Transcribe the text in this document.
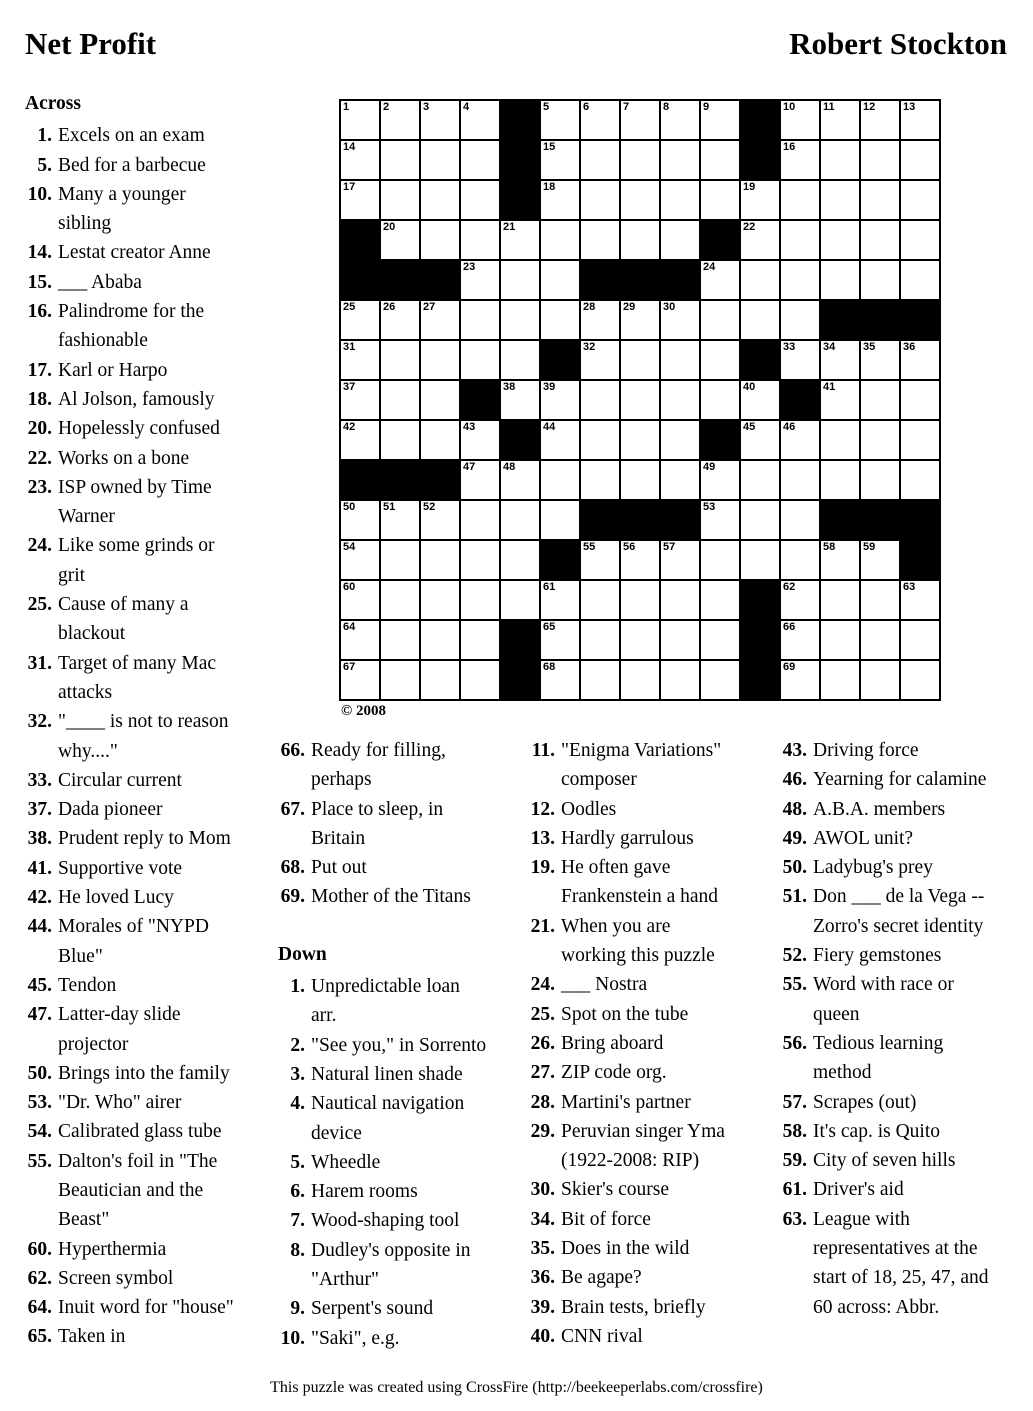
Net Profit	Robert Stockton
1	2	3	4	5	6	7	8	9	10	11	12	13
14	15	16
17	18	19
20	21	22
23	24
25	26	27	28	29	30
31	32	33	34	35	36
37	38	39	40	41
42	43	44	45	46
47	48	49
50	51	52	53
54	55	56	57	58	59
60	61	62	63
64	65	66
67	68	69
© 2008
Across
1. Excels on an exam
5. Bed for a barbecue
10. Many a younger sibling
14. Lestat creator Anne
15. ___ Ababa
16. Palindrome for the fashionable
17. Karl or Harpo
18. Al Jolson, famously
20. Hopelessly confused
22. Works on a bone
23. ISP owned by Time Warner
24. Like some grinds or grit
25. Cause of many a blackout
31. Target of many Mac attacks
32. "____ is not to reason why...."
33. Circular current
37. Dada pioneer
38. Prudent reply to Mom
41. Supportive vote
42. He loved Lucy
44. Morales of "NYPD Blue"
45. Tendon
47. Latter-day slide projector
50. Brings into the family
53. "Dr. Who" airer
54. Calibrated glass tube
55. Dalton's foil in "The Beautician and the Beast"
60. Hyperthermia
62. Screen symbol
64. Inuit word for "house"
65. Taken in
66. Ready for filling, perhaps
67. Place to sleep, in Britain
68. Put out
69. Mother of the Titans
Down
1. Unpredictable loan arr.
2. "See you," in Sorrento
3. Natural linen shade
4. Nautical navigation device
5. Wheedle
6. Harem rooms
7. Wood-shaping tool
8. Dudley's opposite in "Arthur"
9. Serpent's sound
10. "Saki", e.g.
11. "Enigma Variations" composer
12. Oodles
13. Hardly garrulous
19. He often gave Frankenstein a hand
21. When you are working this puzzle
24. ___ Nostra
25. Spot on the tube
26. Bring aboard
27. ZIP code org.
28. Martini's partner
29. Peruvian singer Yma (1922-2008: RIP)
30. Skier's course
34. Bit of force
35. Does in the wild
36. Be agape?
39. Brain tests, briefly
40. CNN rival
43. Driving force
46. Yearning for calamine
48. A.B.A. members
49. AWOL unit?
50. Ladybug's prey
51. Don ___ de la Vega -- Zorro's secret identity
52. Fiery gemstones
55. Word with race or queen
56. Tedious learning method
57. Scrapes (out)
58. It's cap. is Quito
59. City of seven hills
61. Driver's aid
63. League with representatives at the start of 18, 25, 47, and 60 across: Abbr.
This puzzle was created using CrossFire (http://beekeeperlabs.com/crossfire)
